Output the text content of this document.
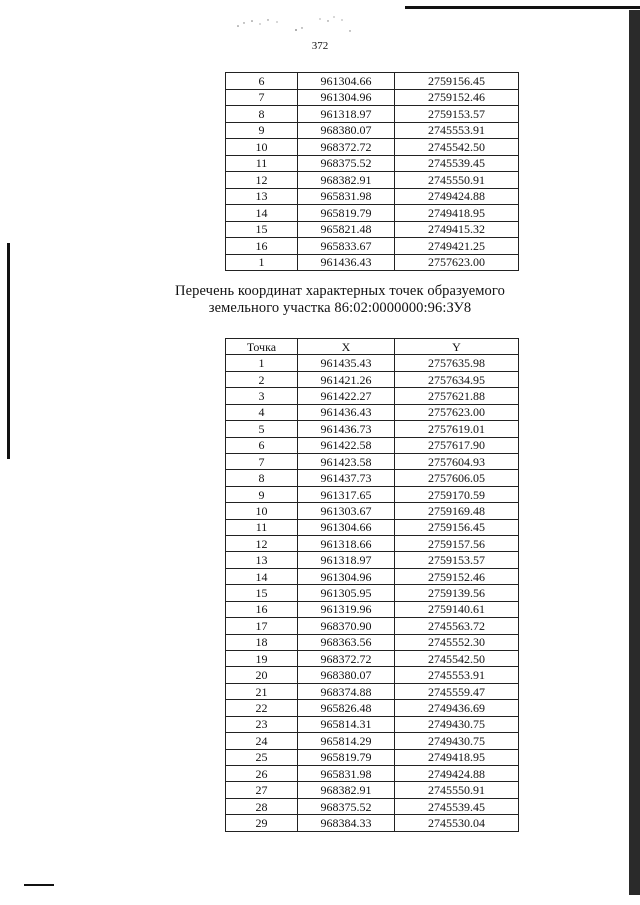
372
6	961304.66	2759156.45
7	961304.96	2759152.46
8	961318.97	2759153.57
9	968380.07	2745553.91
10	968372.72	2745542.50
11	968375.52	2745539.45
12	968382.91	2745550.91
13	965831.98	2749424.88
14	965819.79	2749418.95
15	965821.48	2749415.32
16	965833.67	2749421.25
1	961436.43	2757623.00
Перечень координат характерных точек образуемого
земельного участка 86:02:0000000:96:ЗУ8
Точка	X	Y
1	961435.43	2757635.98
2	961421.26	2757634.95
3	961422.27	2757621.88
4	961436.43	2757623.00
5	961436.73	2757619.01
6	961422.58	2757617.90
7	961423.58	2757604.93
8	961437.73	2757606.05
9	961317.65	2759170.59
10	961303.67	2759169.48
11	961304.66	2759156.45
12	961318.66	2759157.56
13	961318.97	2759153.57
14	961304.96	2759152.46
15	961305.95	2759139.56
16	961319.96	2759140.61
17	968370.90	2745563.72
18	968363.56	2745552.30
19	968372.72	2745542.50
20	968380.07	2745553.91
21	968374.88	2745559.47
22	965826.48	2749436.69
23	965814.31	2749430.75
24	965814.29	2749430.75
25	965819.79	2749418.95
26	965831.98	2749424.88
27	968382.91	2745550.91
28	968375.52	2745539.45
29	968384.33	2745530.04
